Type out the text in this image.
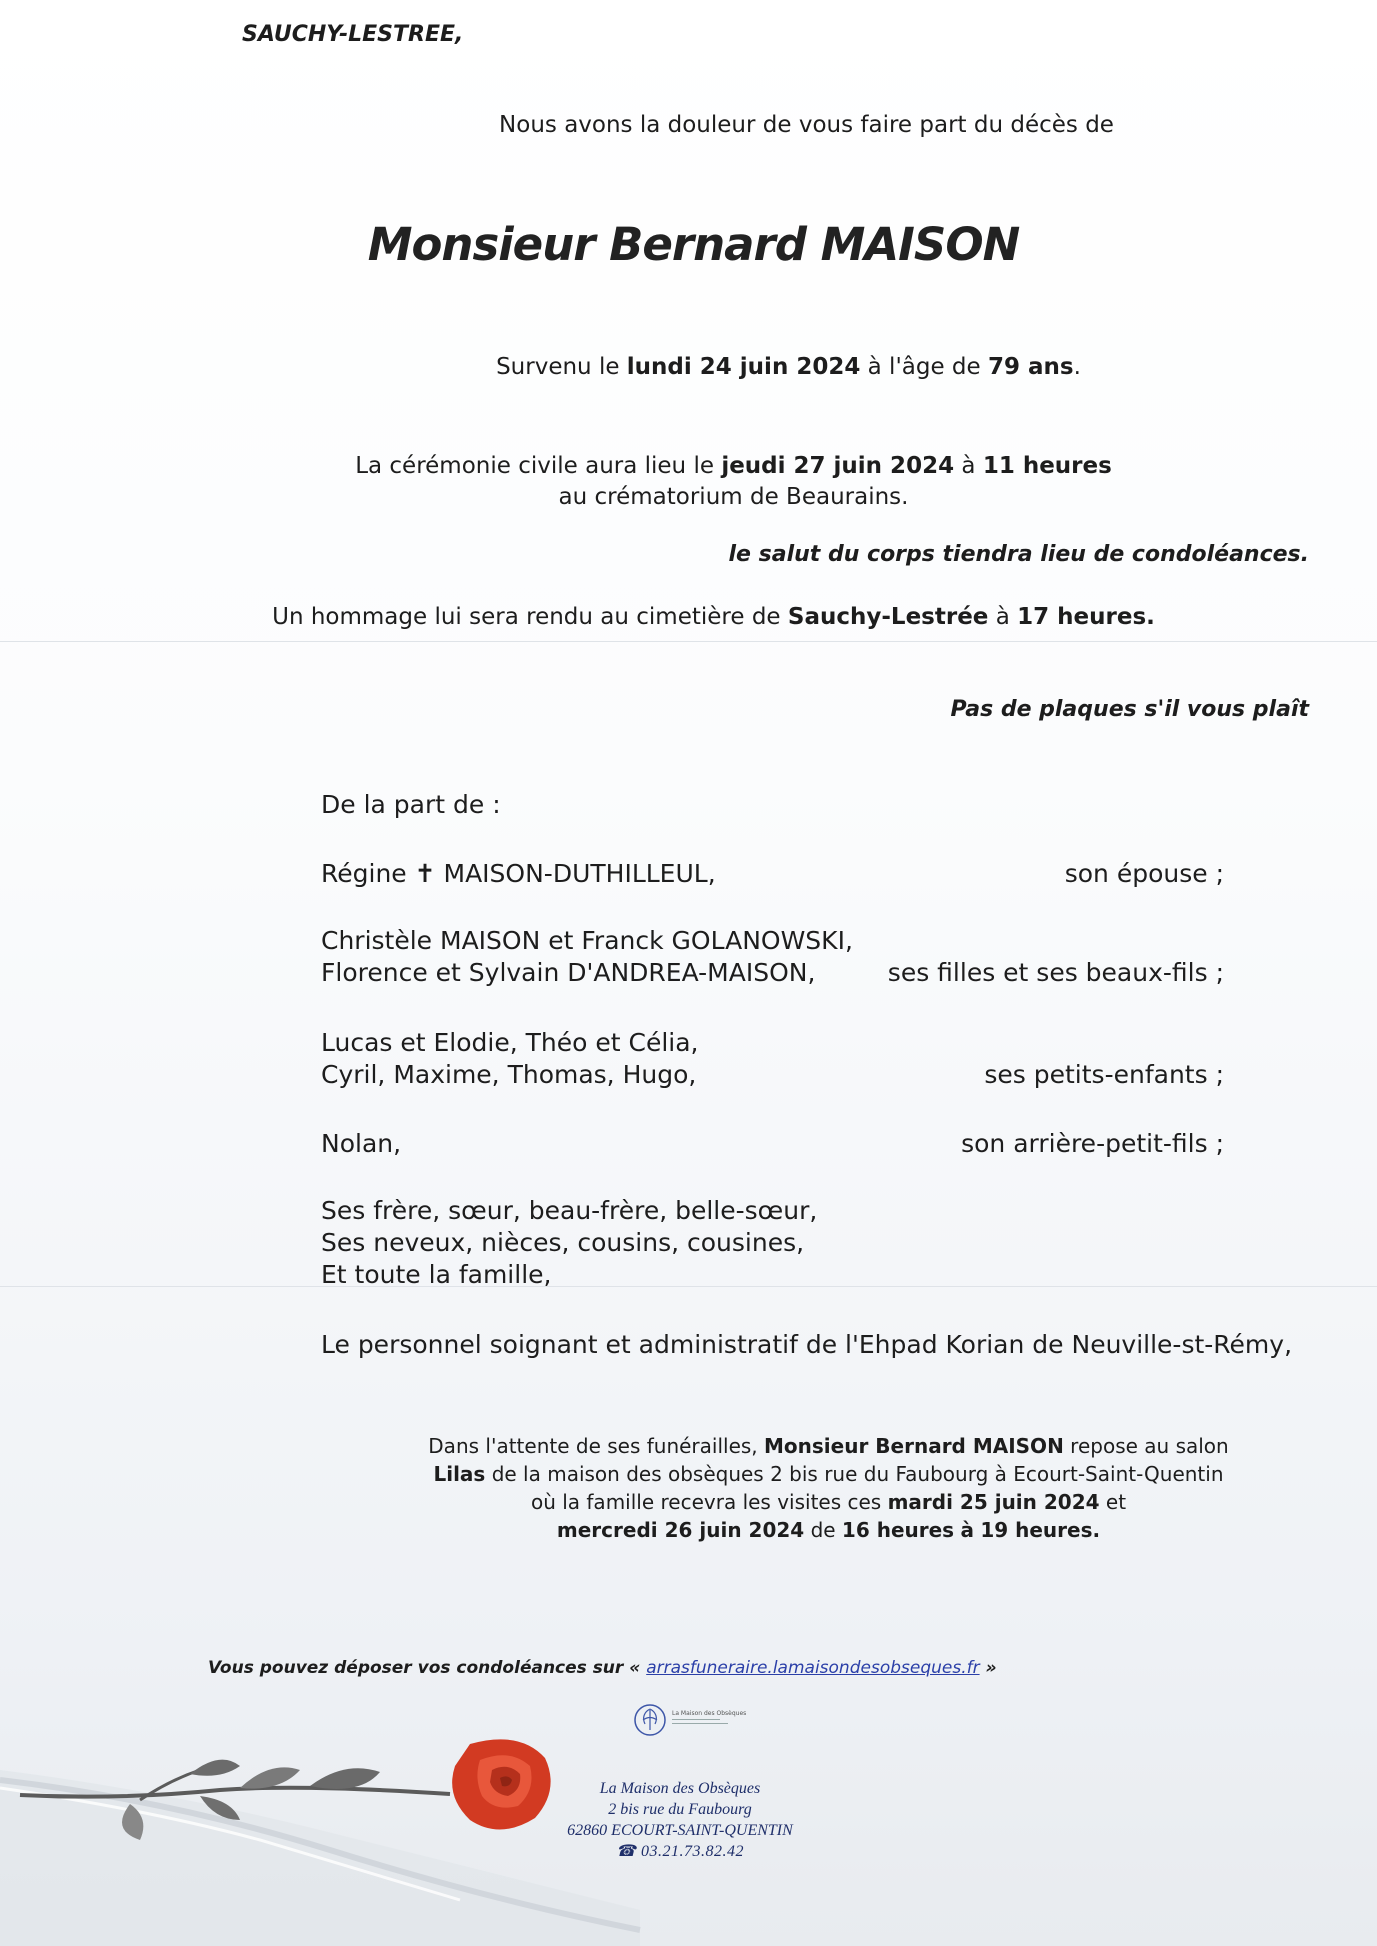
SAUCHY-LESTREE,
Nous avons la douleur de vous faire part du décès de
Monsieur Bernard MAISON
Survenu le lundi 24 juin 2024 à l'âge de 79 ans.
La cérémonie civile aura lieu le jeudi 27 juin 2024 à 11 heures
au crématorium de Beaurains.
le salut du corps tiendra lieu de condoléances.
Un hommage lui sera rendu au cimetière de Sauchy-Lestrée à 17 heures.
Pas de plaques s'il vous plaît
De la part de :
Régine ✝ MAISON-DUTHILLEUL,	son épouse ;
Christèle MAISON et Franck GOLANOWSKI,
Florence et Sylvain D'ANDREA-MAISON,	ses filles et ses beaux-fils ;
Lucas et Elodie, Théo et Célia,
Cyril, Maxime, Thomas, Hugo,	ses petits-enfants ;
Nolan,	son arrière-petit-fils ;
Ses frère, sœur, beau-frère, belle-sœur,
Ses neveux, nièces, cousins, cousines,
Et toute la famille,
Le personnel soignant et administratif de l'Ehpad Korian de Neuville-st-Rémy,
Dans l'attente de ses funérailles, Monsieur Bernard MAISON repose au salon
Lilas de la maison des obsèques 2 bis rue du Faubourg à Ecourt-Saint-Quentin
où la famille recevra les visites ces mardi 25 juin 2024 et
mercredi 26 juin 2024 de 16 heures à 19 heures.
Vous pouvez déposer vos condoléances sur « arrasfuneraire.lamaisondesobseques.fr »
La Maison des Obsèques
La Maison des Obsèques
2 bis rue du Faubourg
62860 ECOURT-SAINT-QUENTIN
☎ 03.21.73.82.42
